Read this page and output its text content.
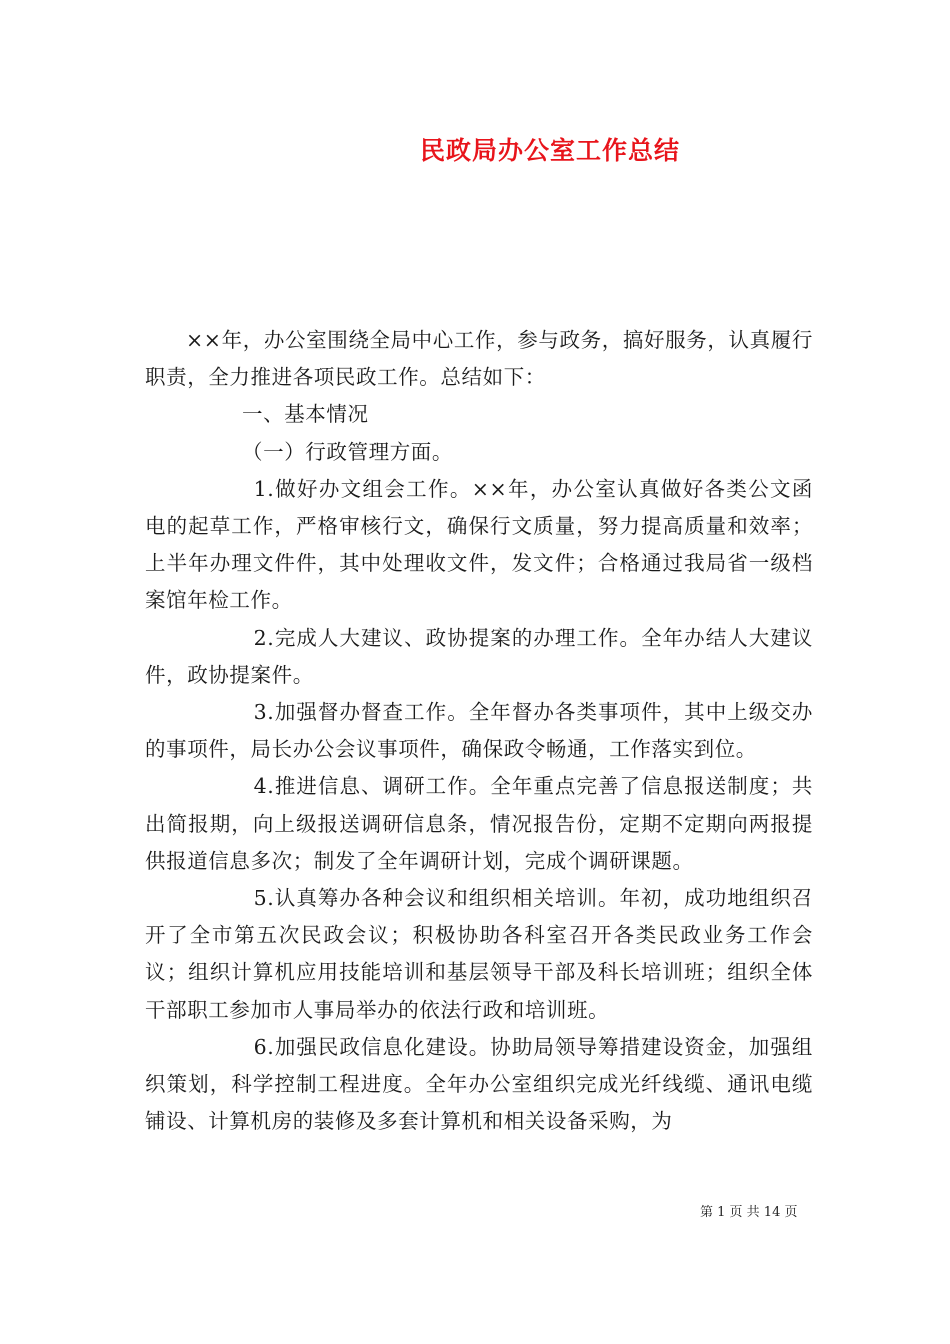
民政局办公室工作总结

××年，办公室围绕全局中心工作，参与政务，搞好服务，认真履行职责，全力推进各项民政工作。总结如下：

一、基本情况

（一）行政管理方面。

1.做好办文组会工作。××年，办公室认真做好各类公文函电的起草工作，严格审核行文，确保行文质量，努力提高质量和效率；上半年办理文件件，其中处理收文件，发文件；合格通过我局省一级档案馆年检工作。

2.完成人大建议、政协提案的办理工作。全年办结人大建议件，政协提案件。

3.加强督办督查工作。全年督办各类事项件，其中上级交办的事项件，局长办公会议事项件，确保政令畅通，工作落实到位。

4.推进信息、调研工作。全年重点完善了信息报送制度；共出简报期，向上级报送调研信息条，情况报告份，定期不定期向两报提供报道信息多次；制发了全年调研计划，完成个调研课题。

5.认真筹办各种会议和组织相关培训。年初，成功地组织召开了全市第五次民政会议；积极协助各科室召开各类民政业务工作会议；组织计算机应用技能培训和基层领导干部及科长培训班；组织全体干部职工参加市人事局举办的依法行政和培训班。

6.加强民政信息化建设。协助局领导筹措建设资金，加强组织策划，科学控制工程进度。全年办公室组织完成光纤线缆、通讯电缆铺设、计算机房的装修及多套计算机和相关设备采购，为

第 1 页 共 14 页
